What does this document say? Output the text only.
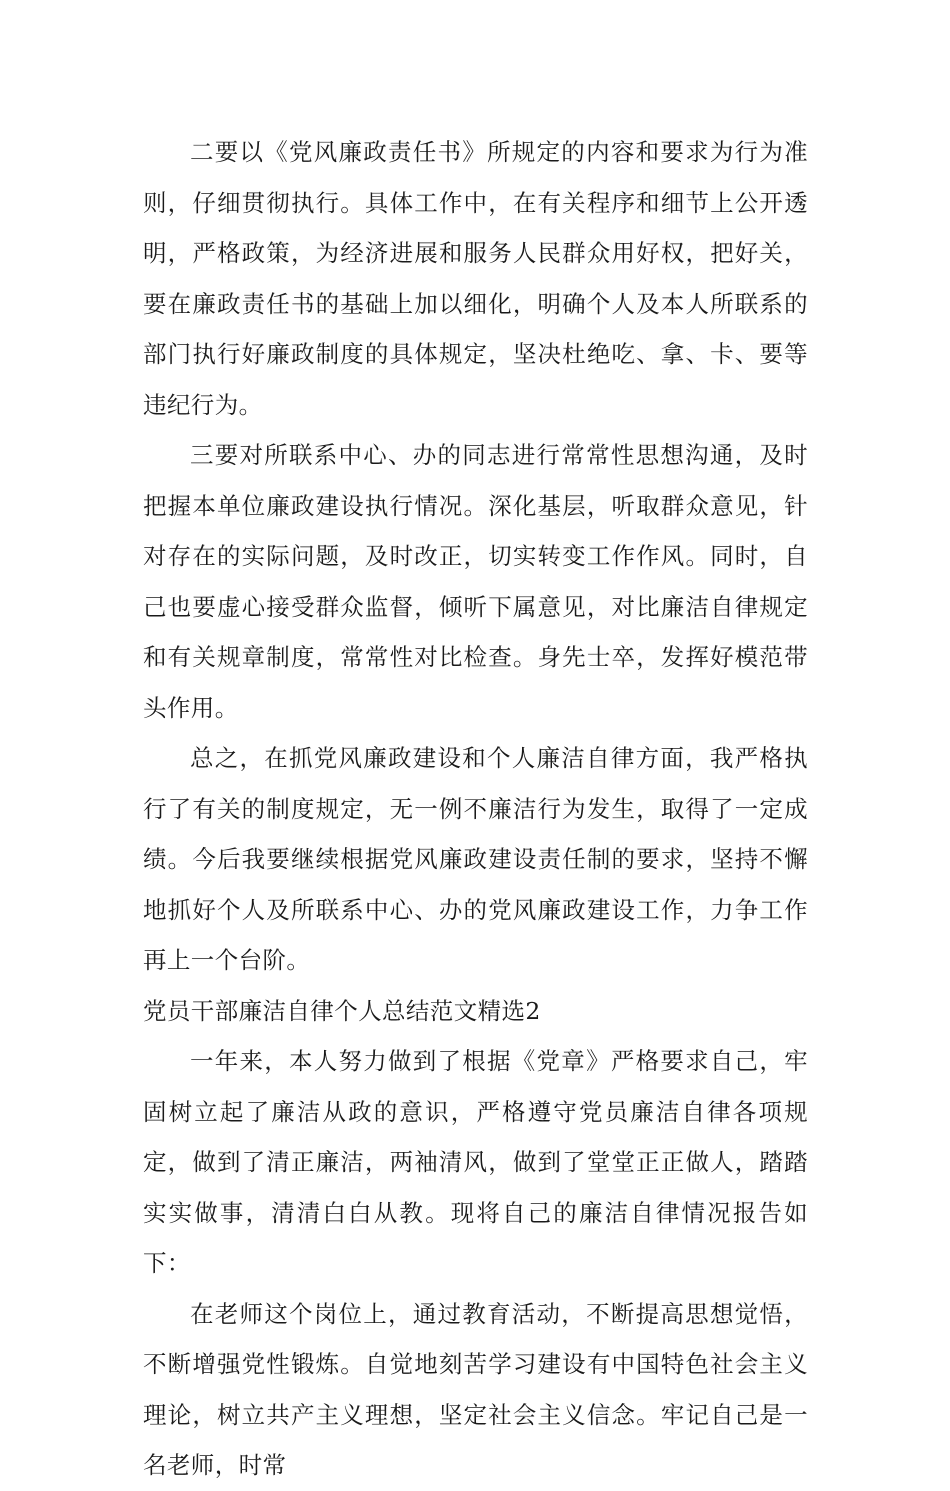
二要以《党风廉政责任书》所规定的内容和要求为行为准则，仔细贯彻执行。具体工作中，在有关程序和细节上公开透明，严格政策，为经济进展和服务人民群众用好权，把好关，要在廉政责任书的基础上加以细化，明确个人及本人所联系的部门执行好廉政制度的具体规定，坚决杜绝吃、拿、卡、要等违纪行为。

三要对所联系中心、办的同志进行常常性思想沟通，及时把握本单位廉政建设执行情况。深化基层，听取群众意见，针对存在的实际问题，及时改正，切实转变工作作风。同时，自己也要虚心接受群众监督，倾听下属意见，对比廉洁自律规定和有关规章制度，常常性对比检查。身先士卒，发挥好模范带头作用。

总之，在抓党风廉政建设和个人廉洁自律方面，我严格执行了有关的制度规定，无一例不廉洁行为发生，取得了一定成绩。今后我要继续根据党风廉政建设责任制的要求，坚持不懈地抓好个人及所联系中心、办的党风廉政建设工作，力争工作再上一个台阶。

党员干部廉洁自律个人总结范文精选2

一年来，本人努力做到了根据《党章》严格要求自己，牢固树立起了廉洁从政的意识，严格遵守党员廉洁自律各项规定，做到了清正廉洁，两袖清风，做到了堂堂正正做人，踏踏实实做事，清清白白从教。现将自己的廉洁自律情况报告如下：

在老师这个岗位上，通过教育活动，不断提高思想觉悟，不断增强党性锻炼。自觉地刻苦学习建设有中国特色社会主义理论，树立共产主义理想，坚定社会主义信念。牢记自己是一名老师，时常
